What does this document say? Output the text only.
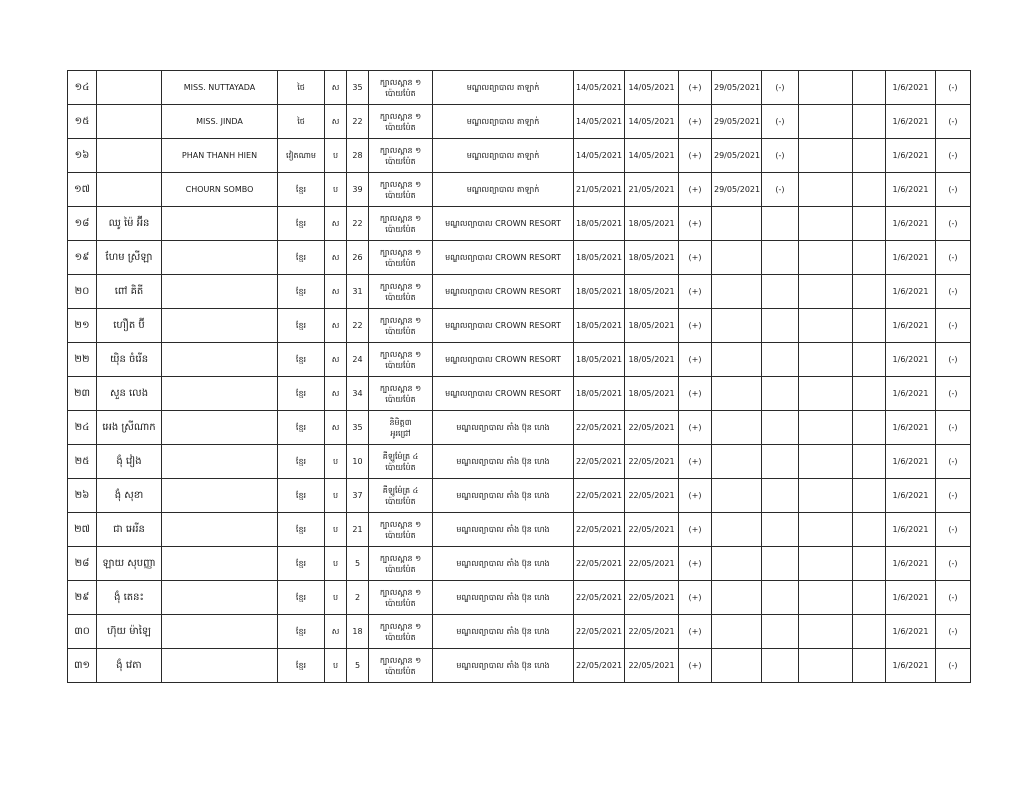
១៤		MISS. NUTTAYADA	ថៃ	ស	35	ក្បាលស្ពាន ១
ប៉ោយប៉ែត	មណ្ឌលព្យាបាល តាឡាក់	14/05/2021	14/05/2021	(+)	29/05/2021	(-)			1/6/2021	(-)
១៥		MISS. JINDA	ថៃ	ស	22	ក្បាលស្ពាន ១
ប៉ោយប៉ែត	មណ្ឌលព្យាបាល តាឡាក់	14/05/2021	14/05/2021	(+)	29/05/2021	(-)			1/6/2021	(-)
១៦		PHAN THANH HIEN	វៀតណាម	ប	28	ក្បាលស្ពាន ១
ប៉ោយប៉ែត	មណ្ឌលព្យាបាល តាឡាក់	14/05/2021	14/05/2021	(+)	29/05/2021	(-)			1/6/2021	(-)
១៧		CHOURN SOMBO	ខ្មែរ	ប	39	ក្បាលស្ពាន ១
ប៉ោយប៉ែត	មណ្ឌលព្យាបាល តាឡាក់	21/05/2021	21/05/2021	(+)	29/05/2021	(-)			1/6/2021	(-)
១៨	ឈូ ម៉ៃ អ៊ីន		ខ្មែរ	ស	22	ក្បាលស្ពាន ១
ប៉ោយប៉ែត	មណ្ឌលព្យាបាល CROWN RESORT	18/05/2021	18/05/2021	(+)					1/6/2021	(-)
១៩	ហែម ស្រីឡា		ខ្មែរ	ស	26	ក្បាលស្ពាន ១
ប៉ោយប៉ែត	មណ្ឌលព្យាបាល CROWN RESORT	18/05/2021	18/05/2021	(+)					1/6/2021	(-)
២០	ពៅ គិតី		ខ្មែរ	ស	31	ក្បាលស្ពាន ១
ប៉ោយប៉ែត	មណ្ឌលព្យាបាល CROWN RESORT	18/05/2021	18/05/2021	(+)					1/6/2021	(-)
២១	ហឿត ប៊ី		ខ្មែរ	ស	22	ក្បាលស្ពាន ១
ប៉ោយប៉ែត	មណ្ឌលព្យាបាល CROWN RESORT	18/05/2021	18/05/2021	(+)					1/6/2021	(-)
២២	យ៉ិន ចំរើន		ខ្មែរ	ស	24	ក្បាលស្ពាន ១
ប៉ោយប៉ែត	មណ្ឌលព្យាបាល CROWN RESORT	18/05/2021	18/05/2021	(+)					1/6/2021	(-)
២៣	សួន លេង		ខ្មែរ	ស	34	ក្បាលស្ពាន ១
ប៉ោយប៉ែត	មណ្ឌលព្យាបាល CROWN RESORT	18/05/2021	18/05/2021	(+)					1/6/2021	(-)
២៤	អេង ស្រីណាក		ខ្មែរ	ស	35	និមិត្ត៣
អូរជ្រៅ	មណ្ឌលព្យាបាល តាំង ប៊ុន ហេង	22/05/2021	22/05/2021	(+)					1/6/2021	(-)
២៥	ងុំ វៀង		ខ្មែរ	ប	10	គីឡូម៉ែត្រ ៤
ប៉ោយប៉ែត	មណ្ឌលព្យាបាល តាំង ប៊ុន ហេង	22/05/2021	22/05/2021	(+)					1/6/2021	(-)
២៦	ងុំ សុខា		ខ្មែរ	ប	37	គីឡូម៉ែត្រ ៤
ប៉ោយប៉ែត	មណ្ឌលព្យាបាល តាំង ប៊ុន ហេង	22/05/2021	22/05/2021	(+)					1/6/2021	(-)
២៧	ជា អេរីន		ខ្មែរ	ប	21	ក្បាលស្ពាន ១
ប៉ោយប៉ែត	មណ្ឌលព្យាបាល តាំង ប៊ុន ហេង	22/05/2021	22/05/2021	(+)					1/6/2021	(-)
២៨	ឡាយ សុបញ្ញា		ខ្មែរ	ប	5	ក្បាលស្ពាន ១
ប៉ោយប៉ែត	មណ្ឌលព្យាបាល តាំង ប៊ុន ហេង	22/05/2021	22/05/2021	(+)					1/6/2021	(-)
២៩	ងុំ តេនះ		ខ្មែរ	ប	2	ក្បាលស្ពាន ១
ប៉ោយប៉ែត	មណ្ឌលព្យាបាល តាំង ប៊ុន ហេង	22/05/2021	22/05/2021	(+)					1/6/2021	(-)
៣០	ហ៊ុយ ម៉ាឡៃ		ខ្មែរ	ស	18	ក្បាលស្ពាន ១
ប៉ោយប៉ែត	មណ្ឌលព្យាបាល តាំង ប៊ុន ហេង	22/05/2021	22/05/2021	(+)					1/6/2021	(-)
៣១	ងុំ វេតា		ខ្មែរ	ប	5	ក្បាលស្ពាន ១
ប៉ោយប៉ែត	មណ្ឌលព្យាបាល តាំង ប៊ុន ហេង	22/05/2021	22/05/2021	(+)					1/6/2021	(-)
